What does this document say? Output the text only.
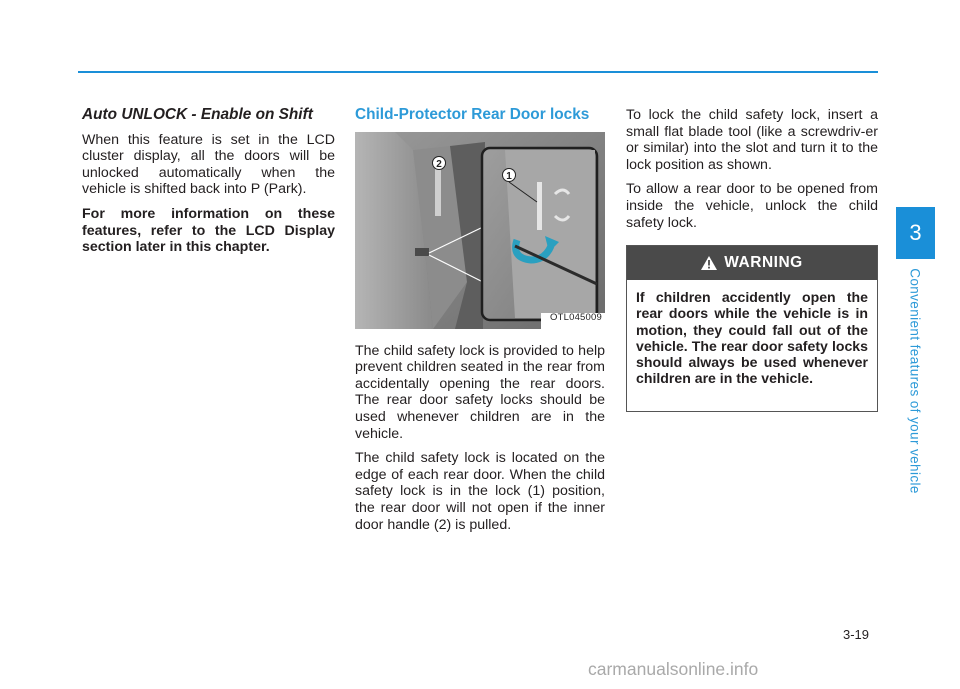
Auto UNLOCK - Enable on Shift

When this feature is set in the LCD cluster display, all the doors will be unlocked automatically when the vehicle is shifted back into P (Park).

For more information on these features, refer to the LCD Display section later in this chapter.

Child-Protector Rear Door locks

1
2
OTL045009

The child safety lock is provided to help prevent children seated in the rear from accidentally opening the rear doors. The rear door safety locks should be used whenever children are in the vehicle.

The child safety lock is located on the edge of each rear door. When the child safety lock is in the lock (1) position, the rear door will not open if the inner door handle (2) is pulled.

To lock the child safety lock, insert a small flat blade tool (like a screwdriv-er or similar) into the slot and turn it to the lock position as shown.

To allow a rear door to be opened from inside the vehicle, unlock the child safety lock.

WARNING
If children accidently open the rear doors while the vehicle is in motion, they could fall out of the vehicle. The rear door safety locks should always be used whenever children are in the vehicle.
3
Convenient features of your vehicle
3-19
carmanualsonline.info
